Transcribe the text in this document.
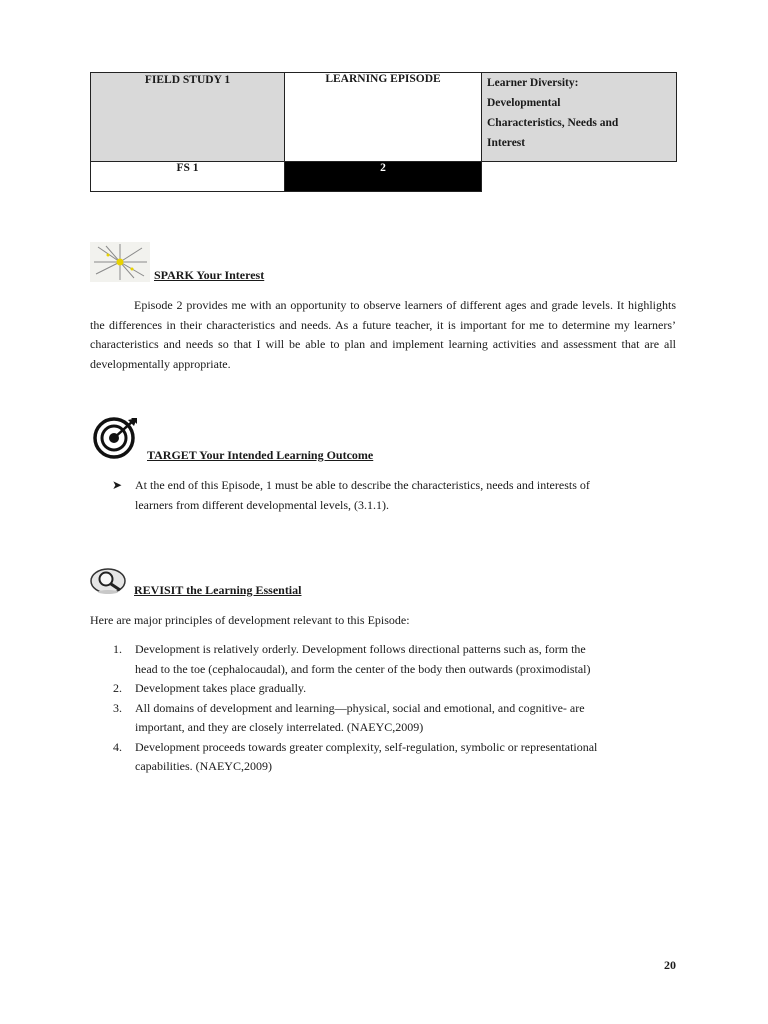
FIELD STUDY 1	LEARNING EPISODE	Learner Diversity:
Developmental
Characteristics, Needs and
Interest

FS 1	2	
SPARK Your Interest
Episode 2 provides me with an opportunity to observe learners of different ages and grade levels. It highlights the differences in their characteristics and needs. As a future teacher, it is important for me to determine my learners’ characteristics and needs so that I will be able to plan and implement learning activities and assessment that are all developmentally appropriate.
TARGET Your Intended Learning Outcome
➤ At the end of this Episode, 1 must be able to describe the characteristics, needs and interests of
learners from different developmental levels, (3.1.1).
REVISIT the Learning Essential
Here are major principles of development relevant to this Episode:
1. Development is relatively orderly. Development follows directional patterns such as, form the
head to the toe (cephalocaudal), and form the center of the body then outwards (proximodistal)
2. Development takes place gradually.
3. All domains of development and learning—physical, social and emotional, and cognitive- are
important, and they are closely interrelated. (NAEYC,2009)
4. Development proceeds towards greater complexity, self-regulation, symbolic or representational
capabilities. (NAEYC,2009)
20
